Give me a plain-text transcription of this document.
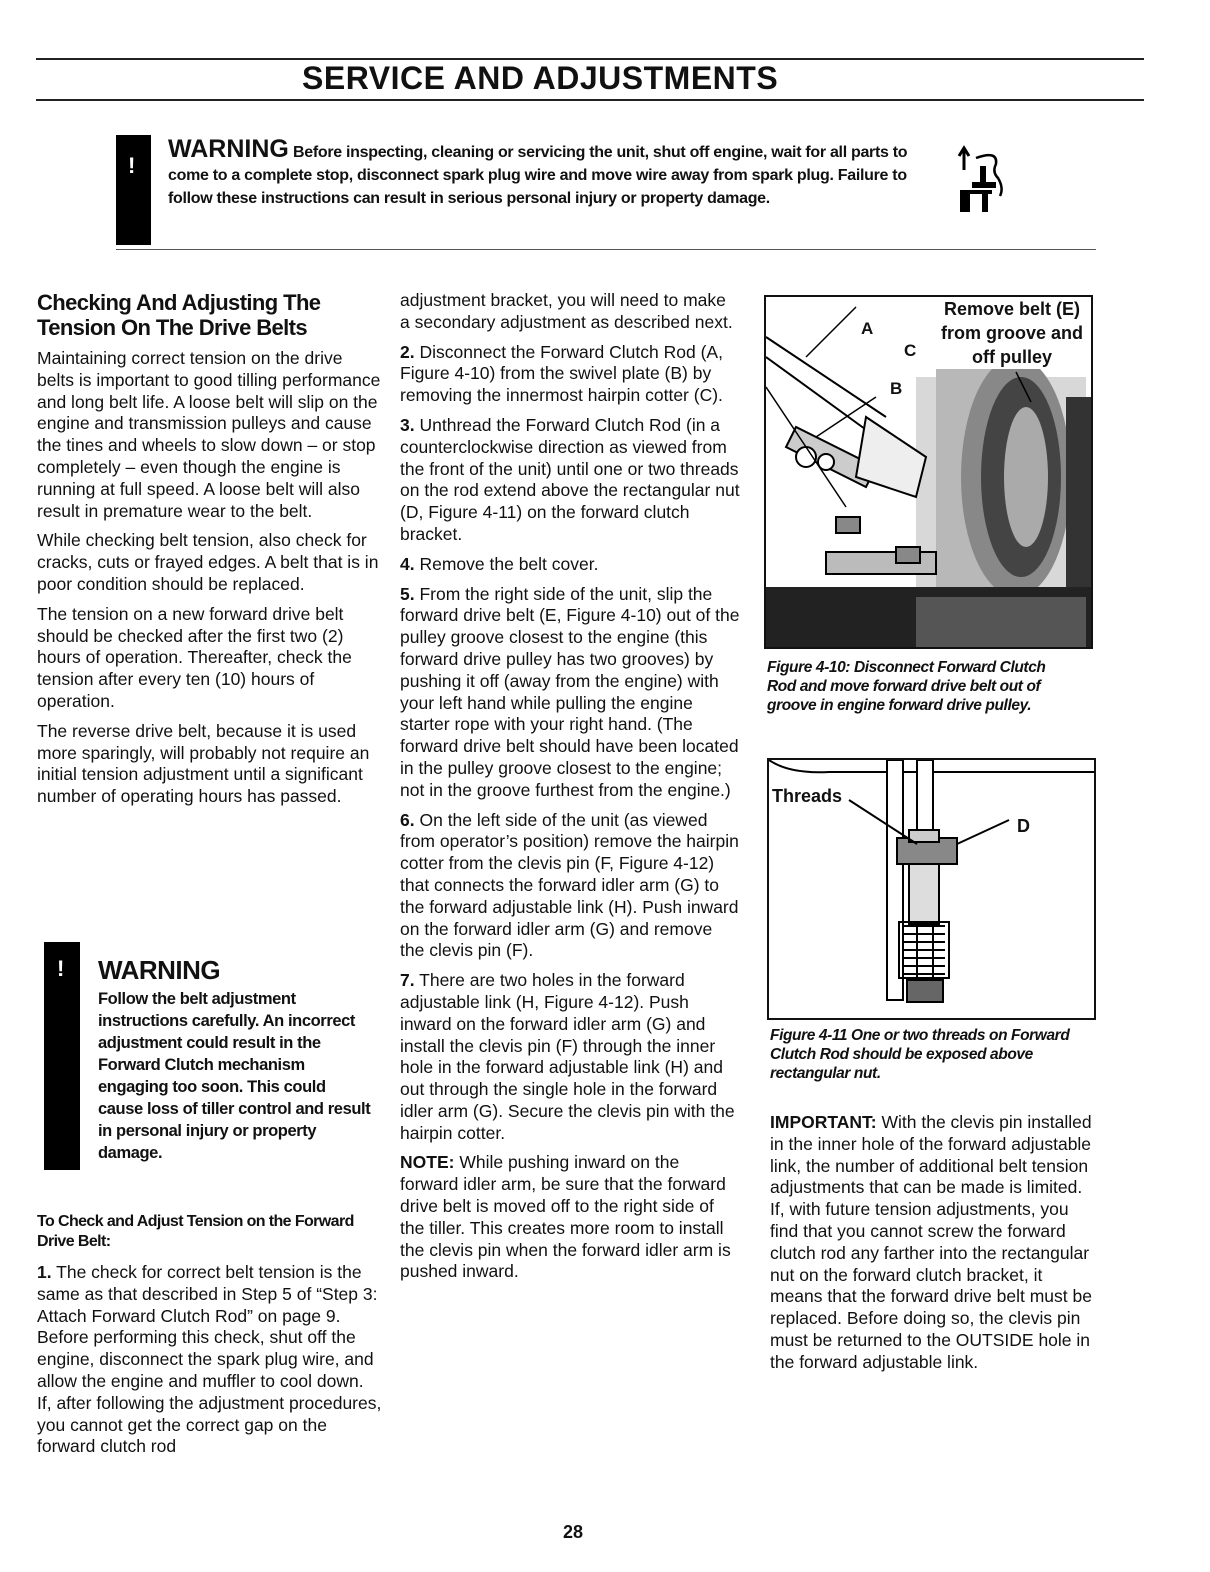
SERVICE AND ADJUSTMENTS
!
WARNING Before inspecting, cleaning or servicing the unit, shut off engine, wait for all parts to come to a complete stop, disconnect spark plug wire and move wire away from spark plug. Failure to follow these instructions can result in serious personal injury or property damage.
Checking And Adjusting The Tension On The Drive Belts

Maintaining correct tension on the drive belts is important to good tilling performance and long belt life. A loose belt will slip on the engine and transmission pulleys and cause the tines and wheels to slow down – or stop completely – even though the engine is running at full speed. A loose belt will also result in premature wear to the belt.

While checking belt tension, also check for cracks, cuts or frayed edges. A belt that is in poor condition should be replaced.

The tension on a new forward drive belt should be checked after the first two (2) hours of operation. Thereafter, check the tension after every ten (10) hours of operation.

The reverse drive belt, because it is used more sparingly, will probably not require an initial tension adjustment until a significant number of operating hours has passed.

! WARNING
Follow the belt adjustment instructions carefully. An incorrect adjustment could result in the Forward Clutch mechanism engaging too soon. This could cause loss of tiller control and result in personal injury or property damage.
To Check and Adjust Tension on the Forward Drive Belt:

1. The check for correct belt tension is the same as that described in Step 5 of “Step 3: Attach Forward Clutch Rod” on page 9. Before performing this check, shut off the engine, disconnect the spark plug wire, and allow the engine and muffler to cool down. If, after following the adjustment procedures, you cannot get the correct gap on the forward clutch rod

adjustment bracket, you will need to make a secondary adjustment as described next.

2. Disconnect the Forward Clutch Rod (A, Figure 4-10) from the swivel plate (B) by removing the innermost hairpin cotter (C).

3. Unthread the Forward Clutch Rod (in a counterclockwise direction as viewed from the front of the unit) until one or two threads on the rod extend above the rectangular nut (D, Figure 4-11) on the forward clutch bracket.

4. Remove the belt cover.

5. From the right side of the unit, slip the forward drive belt (E, Figure 4-10) out of the pulley groove closest to the engine (this forward drive pulley has two grooves) by pushing it off (away from the engine) with your left hand while pulling the engine starter rope with your right hand. (The forward drive belt should have been located in the pulley groove closest to the engine; not in the groove furthest from the engine.)

6. On the left side of the unit (as viewed from operator’s position) remove the hairpin cotter from the clevis pin (F, Figure 4-12) that connects the forward idler arm (G) to the forward adjustable link (H). Push inward on the forward idler arm (G) and remove the clevis pin (F).

7. There are two holes in the forward adjustable link (H, Figure 4-12). Push inward on the forward idler arm (G) and install the clevis pin (F) through the inner hole in the forward adjustable link (H) and out through the single hole in the forward idler arm (G). Secure the clevis pin with the hairpin cotter.

NOTE: While pushing inward on the forward idler arm, be sure that the forward drive belt is moved off to the right side of the tiller. This creates more room to install the clevis pin when the forward idler arm is pushed inward.

Remove belt (E) from groove and off pulley
A
C
B
Figure 4-10: Disconnect Forward Clutch Rod and move forward drive belt out of groove in engine forward drive pulley.
Threads
D
Figure 4-11 One or two threads on Forward Clutch Rod should be exposed above rectangular nut.

IMPORTANT: With the clevis pin installed in the inner hole of the forward adjustable link, the number of additional belt tension adjustments that can be made is limited. If, with future tension adjustments, you find that you cannot screw the forward clutch rod any farther into the rectangular nut on the forward clutch bracket, it means that the forward drive belt must be replaced. Before doing so, the clevis pin must be returned to the OUTSIDE hole in the forward adjustable link.

28
